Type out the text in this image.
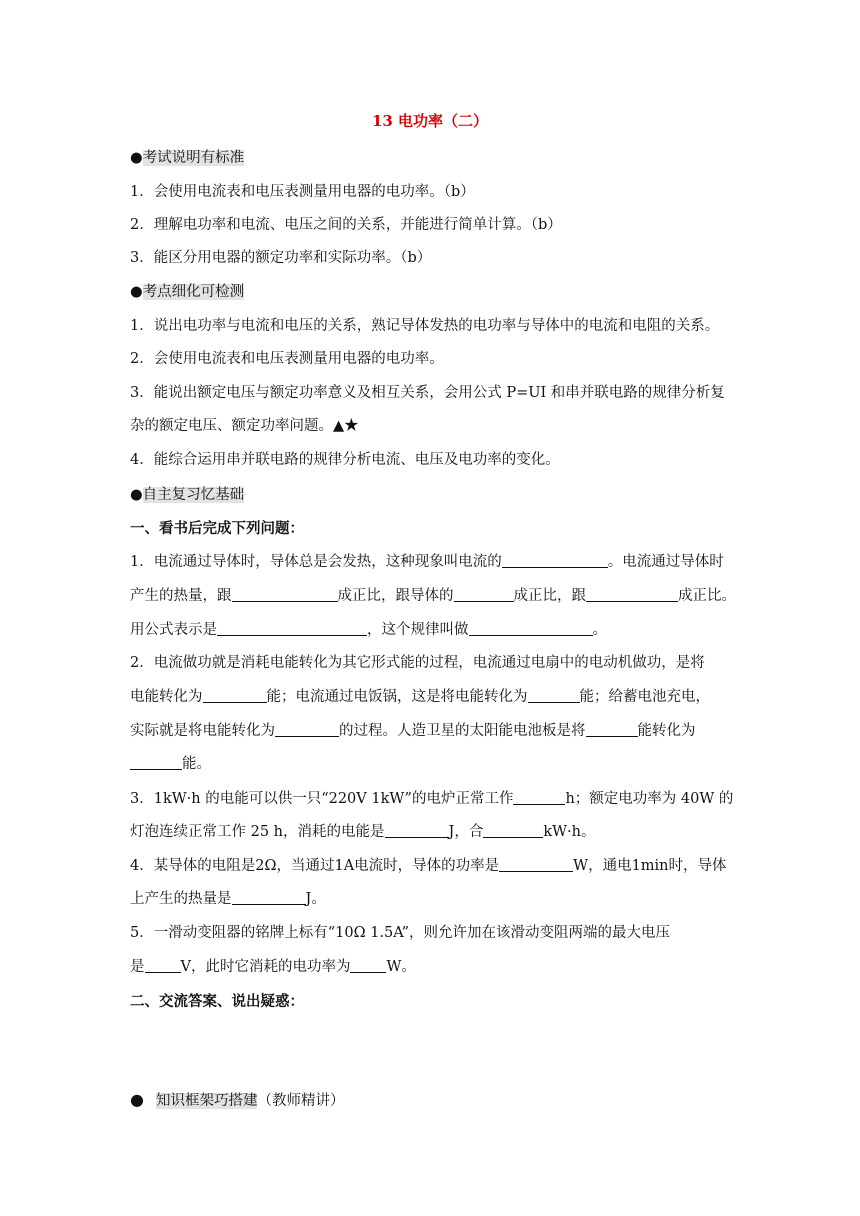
13 电功率（二）
●考试说明有标准
1．会使用电流表和电压表测量用电器的电功率。（b）
2．理解电功率和电流、电压之间的关系，并能进行简单计算。（b）
3．能区分用电器的额定功率和实际功率。（b）
●考点细化可检测
1．说出电功率与电流和电压的关系，熟记导体发热的电功率与导体中的电流和电阻的关系。
2．会使用电流表和电压表测量用电器的电功率。
3．能说出额定电压与额定功率意义及相互关系，会用公式 P=UI 和串并联电路的规律分析复
杂的额定电压、额定功率问题。▲★
4．能综合运用串并联电路的规律分析电流、电压及电功率的变化。
●自主复习忆基础
一、看书后完成下列问题：
1．电流通过导体时，导体总是会发热，这种现象叫电流的	。电流通过导体时
产生的热量，跟	成正比，跟导体的	成正比，跟	成正比。
用公式表示是	，这个规律叫做	。
2．电流做功就是消耗电能转化为其它形式能的过程，电流通过电扇中的电动机做功，是将
电能转化为	能；电流通过电饭锅，这是将电能转化为	能；给蓄电池充电，
实际就是将电能转化为	的过程。人造卫星的太阳能电池板是将	能转化为
能。
3．1kW·h 的电能可以供一只“220V 1kW”的电炉正常工作	h；额定电功率为 40W 的
灯泡连续正常工作 25 h，消耗的电能是	J，合	kW·h。
4．某导体的电阻是2Ω，当通过1A电流时，导体的功率是	W，通电1min时，导体
上产生的热量是	J。
5．一滑动变阻器的铭牌上标有“10Ω 1.5A”，则允许加在该滑动变阻两端的最大电压
是 V，此时它消耗的电功率为 W。
二、交流答案、说出疑惑：
● 知识框架巧搭建（教师精讲）
